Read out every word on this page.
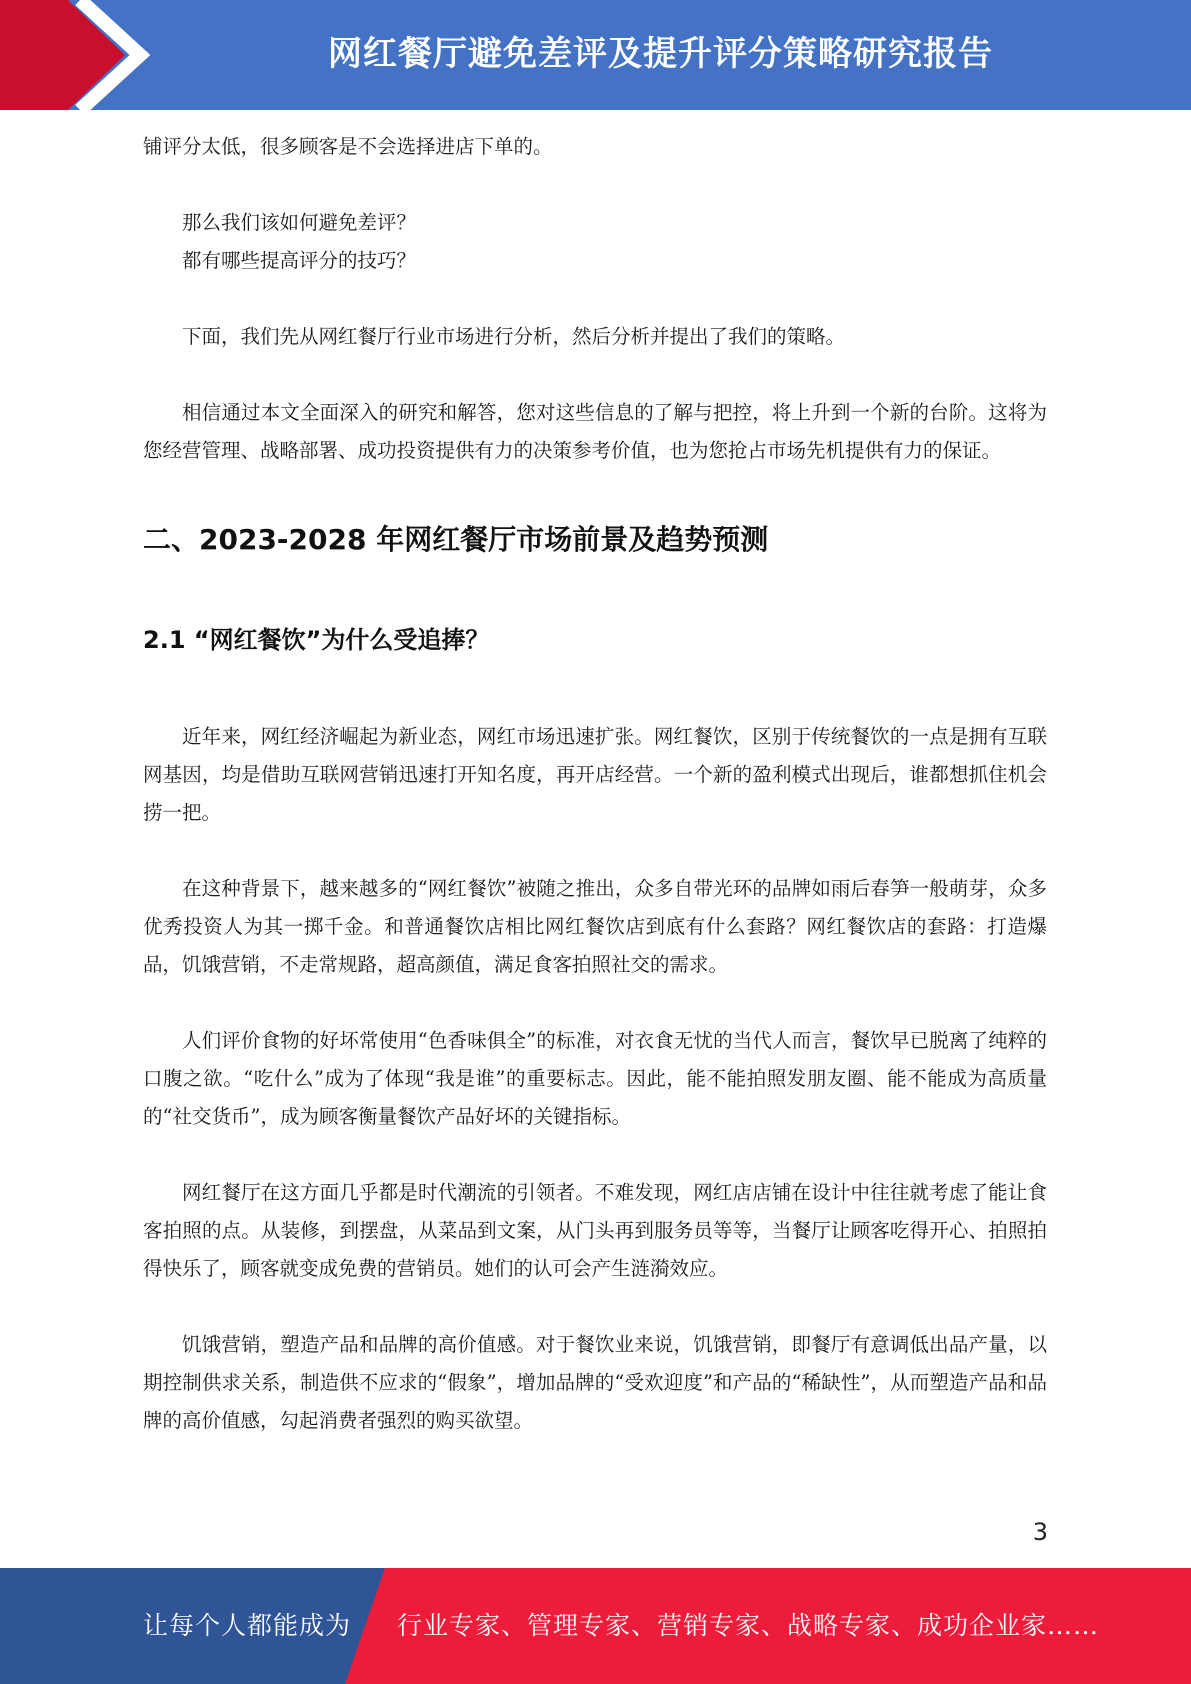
网红餐厅避免差评及提升评分策略研究报告

铺评分太低，很多顾客是不会选择进店下单的。

那么我们该如何避免差评？

都有哪些提高评分的技巧？

下面，我们先从网红餐厅行业市场进行分析，然后分析并提出了我们的策略。

相信通过本文全面深入的研究和解答，您对这些信息的了解与把控，将上升到一个新的台阶。这将为您经营管理、战略部署、成功投资提供有力的决策参考价值，也为您抢占市场先机提供有力的保证。

二、2023-2028 年网红餐厅市场前景及趋势预测
2.1 “网红餐饮”为什么受追捧？

近年来，网红经济崛起为新业态，网红市场迅速扩张。网红餐饮，区别于传统餐饮的一点是拥有互联网基因，均是借助互联网营销迅速打开知名度，再开店经营。一个新的盈利模式出现后，谁都想抓住机会捞一把。

在这种背景下，越来越多的“网红餐饮”被随之推出，众多自带光环的品牌如雨后春笋一般萌芽，众多优秀投资人为其一掷千金。和普通餐饮店相比网红餐饮店到底有什么套路？网红餐饮店的套路：打造爆品，饥饿营销，不走常规路，超高颜值，满足食客拍照社交的需求。

人们评价食物的好坏常使用“色香味俱全”的标准，对衣食无忧的当代人而言，餐饮早已脱离了纯粹的口腹之欲。“吃什么”成为了体现“我是谁”的重要标志。因此，能不能拍照发朋友圈、能不能成为高质量的“社交货币”，成为顾客衡量餐饮产品好坏的关键指标。

网红餐厅在这方面几乎都是时代潮流的引领者。不难发现，网红店店铺在设计中往往就考虑了能让食客拍照的点。从装修，到摆盘，从菜品到文案，从门头再到服务员等等，当餐厅让顾客吃得开心、拍照拍得快乐了，顾客就变成免费的营销员。她们的认可会产生涟漪效应。

饥饿营销，塑造产品和品牌的高价值感。对于餐饮业来说，饥饿营销，即餐厅有意调低出品产量，以期控制供求关系，制造供不应求的“假象”，增加品牌的“受欢迎度”和产品的“稀缺性”，从而塑造产品和品牌的高价值感，勾起消费者强烈的购买欲望。

3
让每个人都能成为 行业专家、管理专家、营销专家、战略专家、成功企业家……
